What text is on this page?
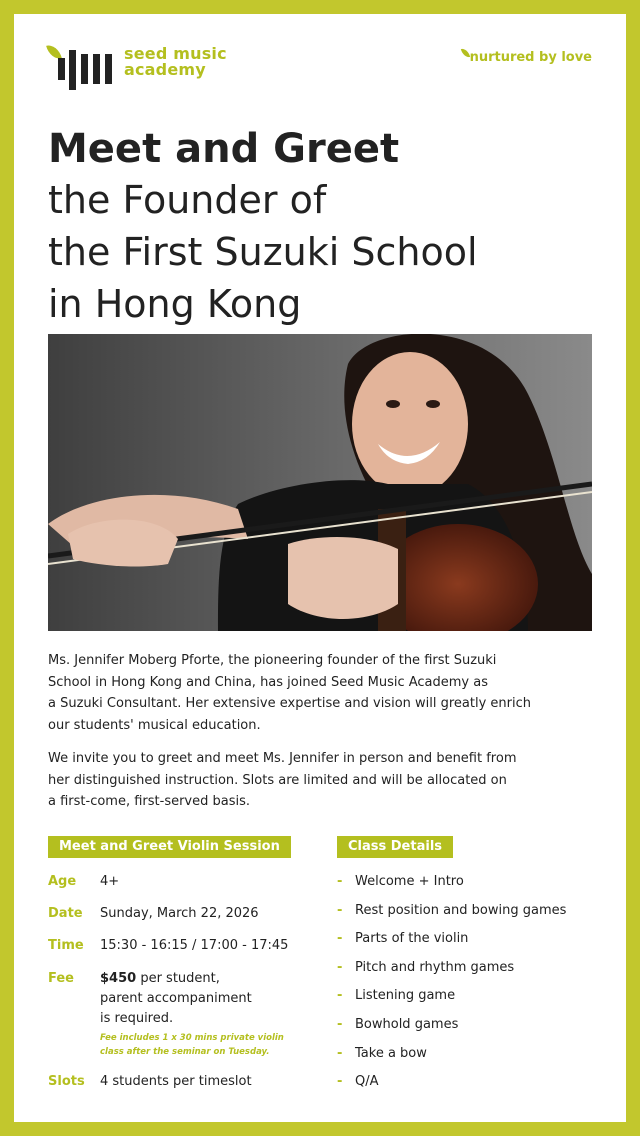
seed music
academy
nurtured by love
Meet and Greet
the Founder of
the First Suzuki School
in Hong Kong
Ms. Jennifer Moberg Pforte, the pioneering founder of the first Suzuki
School in Hong Kong and China, has joined Seed Music Academy as
a Suzuki Consultant. Her extensive expertise and vision will greatly enrich
our students' musical education.
We invite you to greet and meet Ms. Jennifer in person and benefit from
her distinguished instruction. Slots are limited and will be allocated on
a first-come, first-served basis.
Meet and Greet Violin Session
Age	4+
Date	Sunday, March 22, 2026
Time	15:30 - 16:15 / 17:00 - 17:45
Fee	$450 per student,
parent accompaniment
is required.
Fee includes 1 x 30 mins private violin
class after the seminar on Tuesday.
Slots	4 students per timeslot
Class Details
- Welcome + Intro
- Rest position and bowing games
- Parts of the violin
- Pitch and rhythm games
- Listening game
- Bowhold games
- Take a bow
- Q/A
